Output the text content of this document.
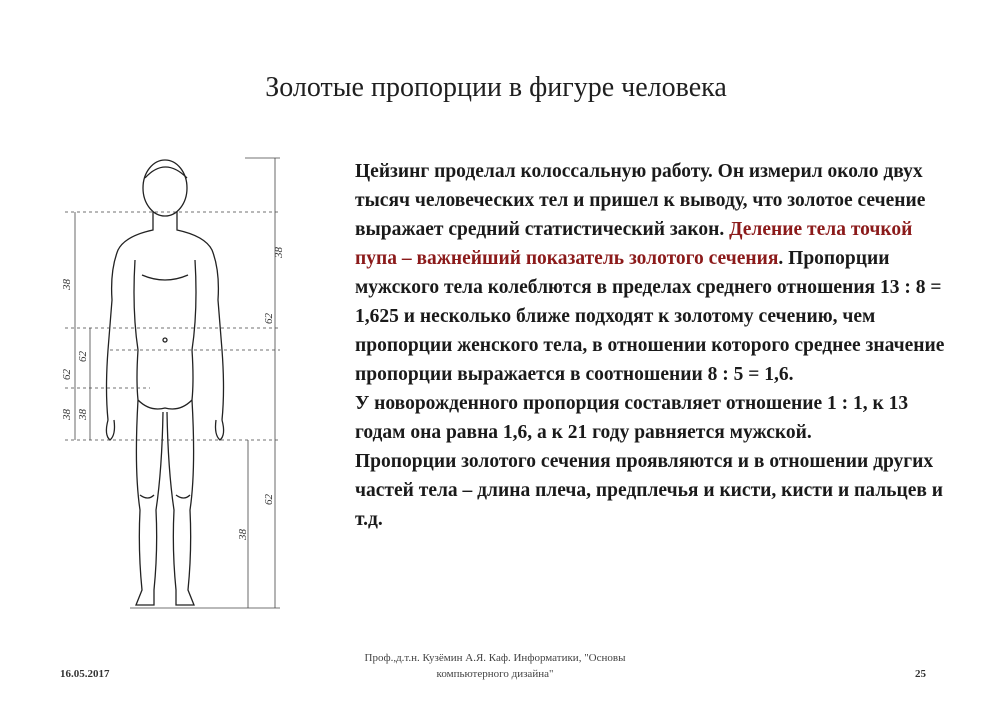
Золотые пропорции в фигуре человека
38
62
62
38
38
62
62
38 38

Цейзинг проделал колоссальную работу. Он измерил около двух тысяч человеческих тел и пришел к выводу, что золотое сечение выражает средний статистический закон. Деление тела точкой пупа – важнейший показатель золотого сечения. Пропорции мужского тела колеблются в пределах среднего отношения 13 : 8 = 1,625 и несколько ближе подходят к золотому сечению, чем пропорции женского тела, в отношении которого среднее значение пропорции выражается в соотношении 8 : 5 = 1,6.

У новорожденного пропорция составляет отношение 1 : 1, к 13 годам она равна 1,6, а к 21 году равняется мужской.

Пропорции золотого сечения проявляются и в отношении других частей тела – длина плеча, предплечья и кисти, кисти и пальцев и т.д.

16.05.2017
Проф.,д.т.н. Кузёмин А.Я. Каф. Информатики, "Основы компьютерного дизайна"	25
